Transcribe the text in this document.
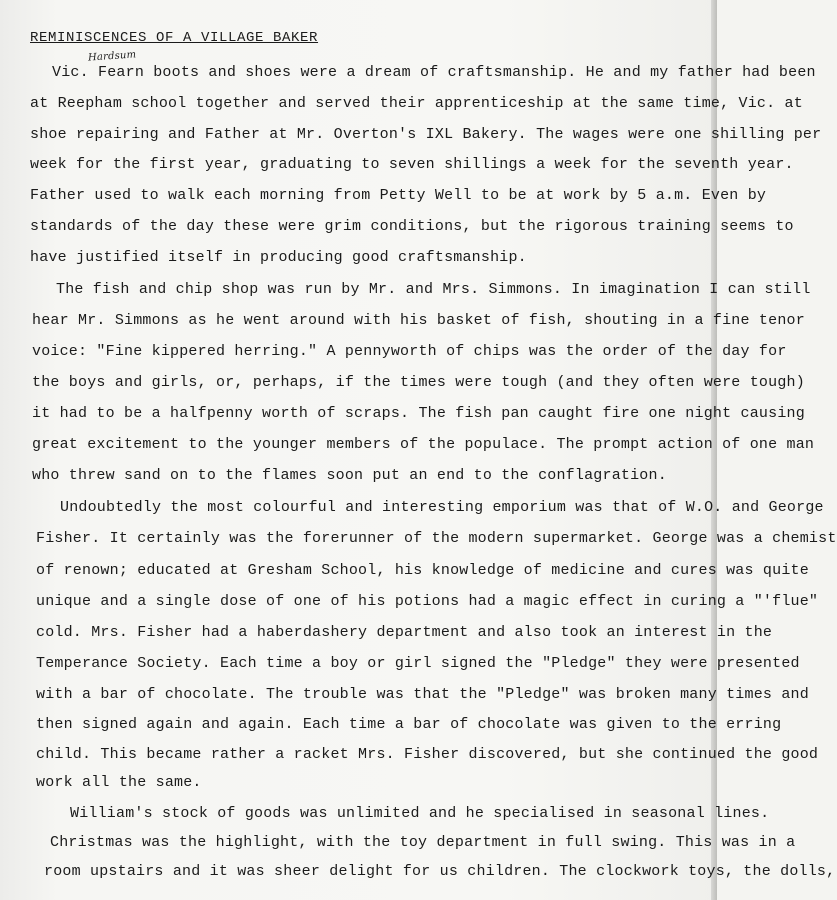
REMINISCENCES OF A VILLAGE BAKER
Hardsum
Vic. Fearn boots and shoes were a dream of craftsmanship. He and my father had been
at Reepham school together and served their apprenticeship at the same time, Vic. at
shoe repairing and Father at Mr. Overton's IXL Bakery. The wages were one shilling per
week for the first year, graduating to seven shillings a week for the seventh year.
Father used to walk each morning from Petty Well to be at work by 5 a.m. Even by
standards of the day these were grim conditions, but the rigorous training seems to
have justified itself in producing good craftsmanship.
The fish and chip shop was run by Mr. and Mrs. Simmons. In imagination I can still
hear Mr. Simmons as he went around with his basket of fish, shouting in a fine tenor
voice: "Fine kippered herring." A pennyworth of chips was the order of the day for
the boys and girls, or, perhaps, if the times were tough (and they often were tough)
it had to be a halfpenny worth of scraps. The fish pan caught fire one night causing
great excitement to the younger members of the populace. The prompt action of one man
who threw sand on to the flames soon put an end to the conflagration.
Undoubtedly the most colourful and interesting emporium was that of W.O. and George
Fisher. It certainly was the forerunner of the modern supermarket. George was a chemist
of renown; educated at Gresham School, his knowledge of medicine and cures was quite
unique and a single dose of one of his potions had a magic effect in curing a "'flue"
cold. Mrs. Fisher had a haberdashery department and also took an interest in the
Temperance Society. Each time a boy or girl signed the "Pledge" they were presented
with a bar of chocolate. The trouble was that the "Pledge" was broken many times and
then signed again and again. Each time a bar of chocolate was given to the erring
child. This became rather a racket Mrs. Fisher discovered, but she continued the good
work all the same.
William's stock of goods was unlimited and he specialised in seasonal lines.
Christmas was the highlight, with the toy department in full swing. This was in a
room upstairs and it was sheer delight for us children. The clockwork toys, the dolls,
